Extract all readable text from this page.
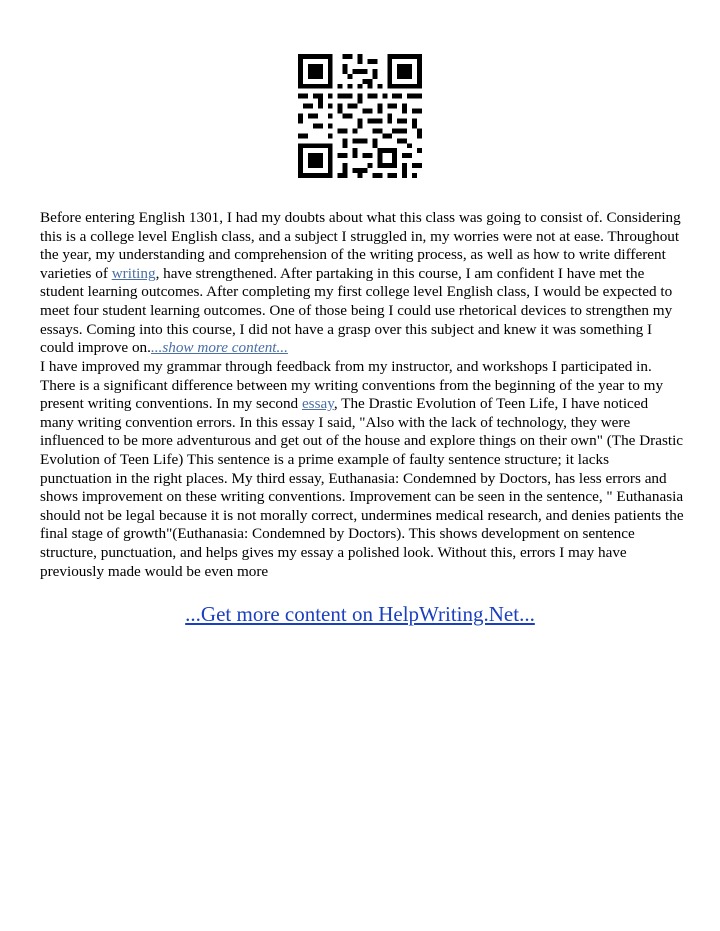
Before entering English 1301, I had my doubts about what this class was going to consist of. Considering this is a college level English class, and a subject I struggled in, my worries were not at ease. Throughout the year, my understanding and comprehension of the writing process, as well as how to write different varieties of writing, have strengthened. After partaking in this course, I am confident I have met the student learning outcomes. After completing my first college level English class, I would be expected to meet four student learning outcomes. One of those being I could use rhetorical devices to strengthen my essays. Coming into this course, I did not have a grasp over this subject and knew it was something I could improve on....show more content...
I have improved my grammar through feedback from my instructor, and workshops I participated in. There is a significant difference between my writing conventions from the beginning of the year to my present writing conventions. In my second essay, The Drastic Evolution of Teen Life, I have noticed many writing convention errors. In this essay I said, "Also with the lack of technology, they were influenced to be more adventurous and get out of the house and explore things on their own" (The Drastic Evolution of Teen Life) This sentence is a prime example of faulty sentence structure; it lacks punctuation in the right places. My third essay, Euthanasia: Condemned by Doctors, has less errors and shows improvement on these writing conventions. Improvement can be seen in the sentence, " Euthanasia should not be legal because it is not morally correct, undermines medical research, and denies patients the final stage of growth"(Euthanasia: Condemned by Doctors). This shows development on sentence structure, punctuation, and helps gives my essay a polished look. Without this, errors I may have previously made would be even more
...Get more content on HelpWriting.Net...
